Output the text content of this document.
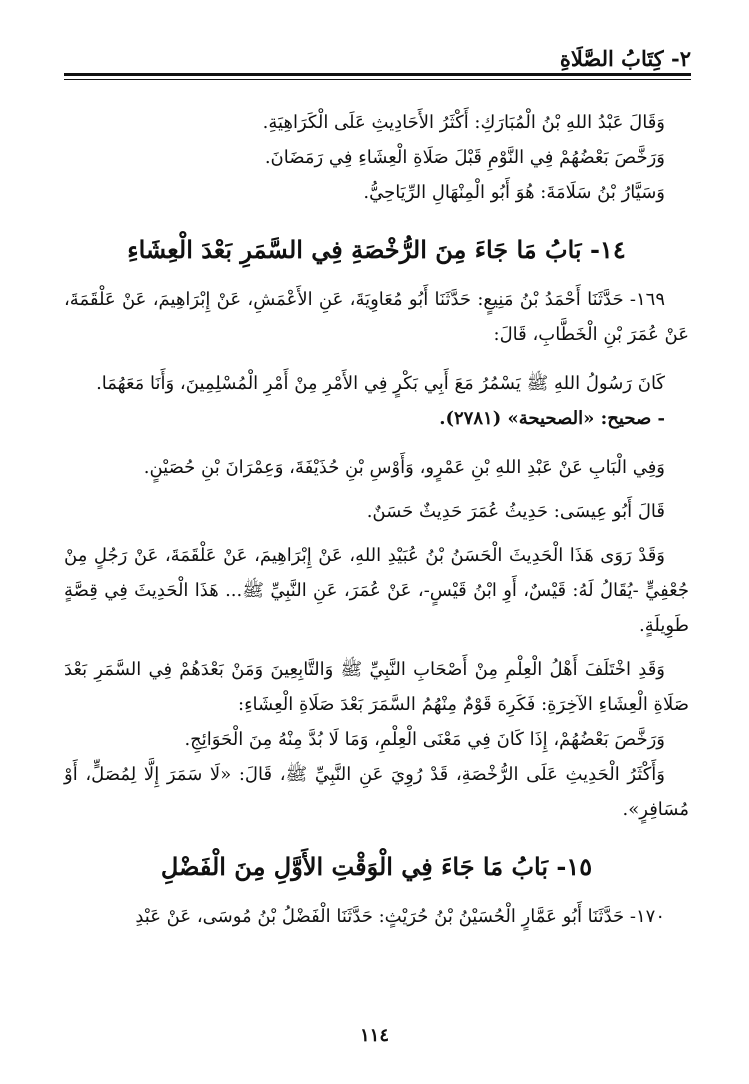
٢- كِتَابُ الصَّلَاةِ

وَقَالَ عَبْدُ اللهِ بْنُ الْمُبَارَكِ: أَكْثَرُ الأَحَادِيثِ عَلَى الْكَرَاهِيَةِ.

وَرَخَّصَ بَعْضُهُمْ فِي النَّوْمِ قَبْلَ صَلَاةِ الْعِشَاءِ فِي رَمَضَانَ.

وَسَيَّارُ بْنُ سَلَامَةَ: هُوَ أَبُو الْمِنْهَالِ الرِّيَاحِيُّ.

١٤- بَابُ مَا جَاءَ مِنَ الرُّخْصَةِ فِي السَّمَرِ بَعْدَ الْعِشَاءِ

١٦٩- حَدَّثَنَا أَحْمَدُ بْنُ مَنِيعٍ: حَدَّثَنَا أَبُو مُعَاوِيَةَ، عَنِ الأَعْمَشِ، عَنْ إِبْرَاهِيمَ، عَنْ عَلْقَمَةَ، عَنْ عُمَرَ بْنِ الْخَطَّابِ، قَالَ:

كَانَ رَسُولُ اللهِ ﷺ يَسْمُرُ مَعَ أَبِي بَكْرٍ فِي الأَمْرِ مِنْ أَمْرِ الْمُسْلِمِينَ، وَأَنَا مَعَهُمَا.

- صحيح: «الصحيحة» (٢٧٨١).

وَفِي الْبَابِ عَنْ عَبْدِ اللهِ بْنِ عَمْرٍو، وَأَوْسِ بْنِ حُذَيْفَةَ، وَعِمْرَانَ بْنِ حُصَيْنٍ.

قَالَ أَبُو عِيسَى: حَدِيثُ عُمَرَ حَدِيثٌ حَسَنٌ.

وَقَدْ رَوَى هَذَا الْحَدِيثَ الْحَسَنُ بْنُ عُبَيْدِ اللهِ، عَنْ إِبْرَاهِيمَ، عَنْ عَلْقَمَةَ، عَنْ رَجُلٍ مِنْ جُعْفِيٍّ -يُقَالُ لَهُ: قَيْسٌ، أَوِ ابْنُ قَيْسٍ-، عَنْ عُمَرَ، عَنِ النَّبِيِّ ﷺ... هَذَا الْحَدِيثَ فِي قِصَّةٍ طَوِيلَةٍ.

وَقَدِ اخْتَلَفَ أَهْلُ الْعِلْمِ مِنْ أَصْحَابِ النَّبِيِّ ﷺ وَالتَّابِعِينَ وَمَنْ بَعْدَهُمْ فِي السَّمَرِ بَعْدَ صَلَاةِ الْعِشَاءِ الآخِرَةِ: فَكَرِهَ قَوْمٌ مِنْهُمُ السَّمَرَ بَعْدَ صَلَاةِ الْعِشَاءِ:

وَرَخَّصَ بَعْضُهُمْ، إِذَا كَانَ فِي مَعْنَى الْعِلْمِ، وَمَا لَا بُدَّ مِنْهُ مِنَ الْحَوَائِجِ.

وَأَكْثَرُ الْحَدِيثِ عَلَى الرُّخْصَةِ، قَدْ رُوِيَ عَنِ النَّبِيِّ ﷺ، قَالَ: «لَا سَمَرَ إِلَّا لِمُصَلٍّ، أَوْ مُسَافِرٍ».

١٥- بَابُ مَا جَاءَ فِي الْوَقْتِ الأَوَّلِ مِنَ الْفَضْلِ

١٧٠- حَدَّثَنَا أَبُو عَمَّارٍ الْحُسَيْنُ بْنُ حُرَيْثٍ: حَدَّثَنَا الْفَضْلُ بْنُ مُوسَى، عَنْ عَبْدِ

١١٤
